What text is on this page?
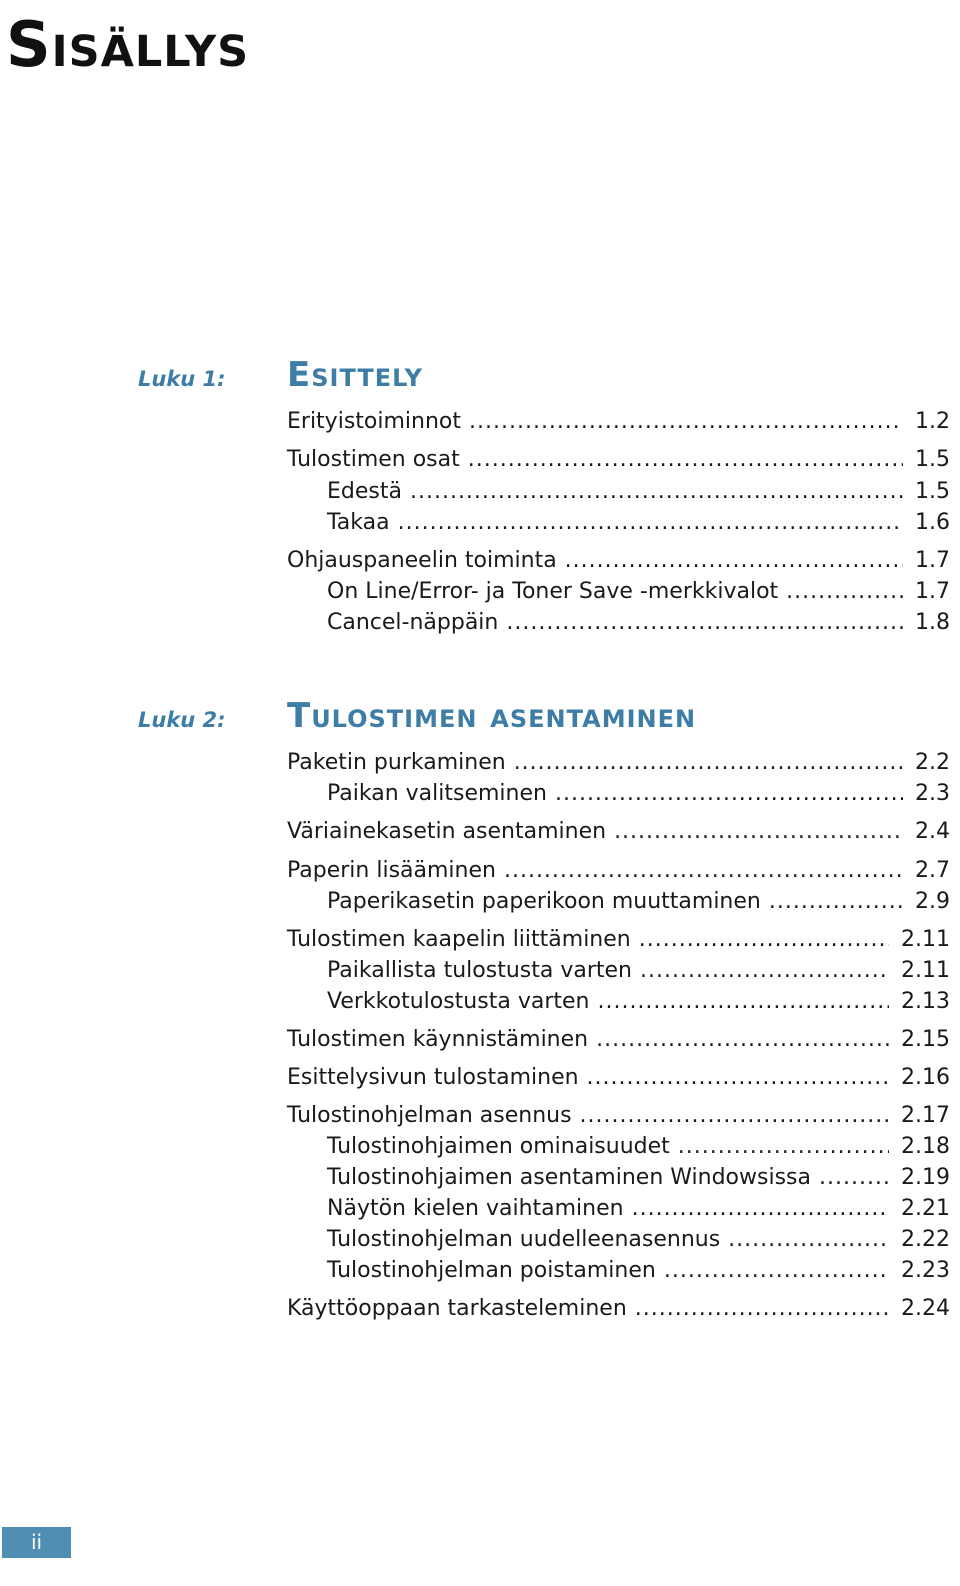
Sisällys
Luku 1: Esittely
Erityistoiminnot .....	1.2
Tulostimen osat .....	1.5
Edestä .....	1.5
Takaa .....	1.6
Ohjauspaneelin toiminta .....	1.7
On Line/Error- ja Toner Save -merkkivalot .....	1.7
Cancel-näppäin .....	1.8
Luku 2: Tulostimen asentaminen
Paketin purkaminen .....	2.2
Paikan valitseminen .....	2.3
Väriainekasetin asentaminen .....	2.4
Paperin lisääminen .....	2.7
Paperikasetin paperikoon muuttaminen .....	2.9
Tulostimen kaapelin liittäminen .....	2.11
Paikallista tulostusta varten .....	2.11
Verkkotulostusta varten .....	2.13
Tulostimen käynnistäminen .....	2.15
Esittelysivun tulostaminen .....	2.16
Tulostinohjelman asennus .....	2.17
Tulostinohjaimen ominaisuudet .....	2.18
Tulostinohjaimen asentaminen Windowsissa .....	2.19
Näytön kielen vaihtaminen .....	2.21
Tulostinohjelman uudelleenasennus .....	2.22
Tulostinohjelman poistaminen .....	2.23
Käyttöoppaan tarkasteleminen .....	2.24
ii
